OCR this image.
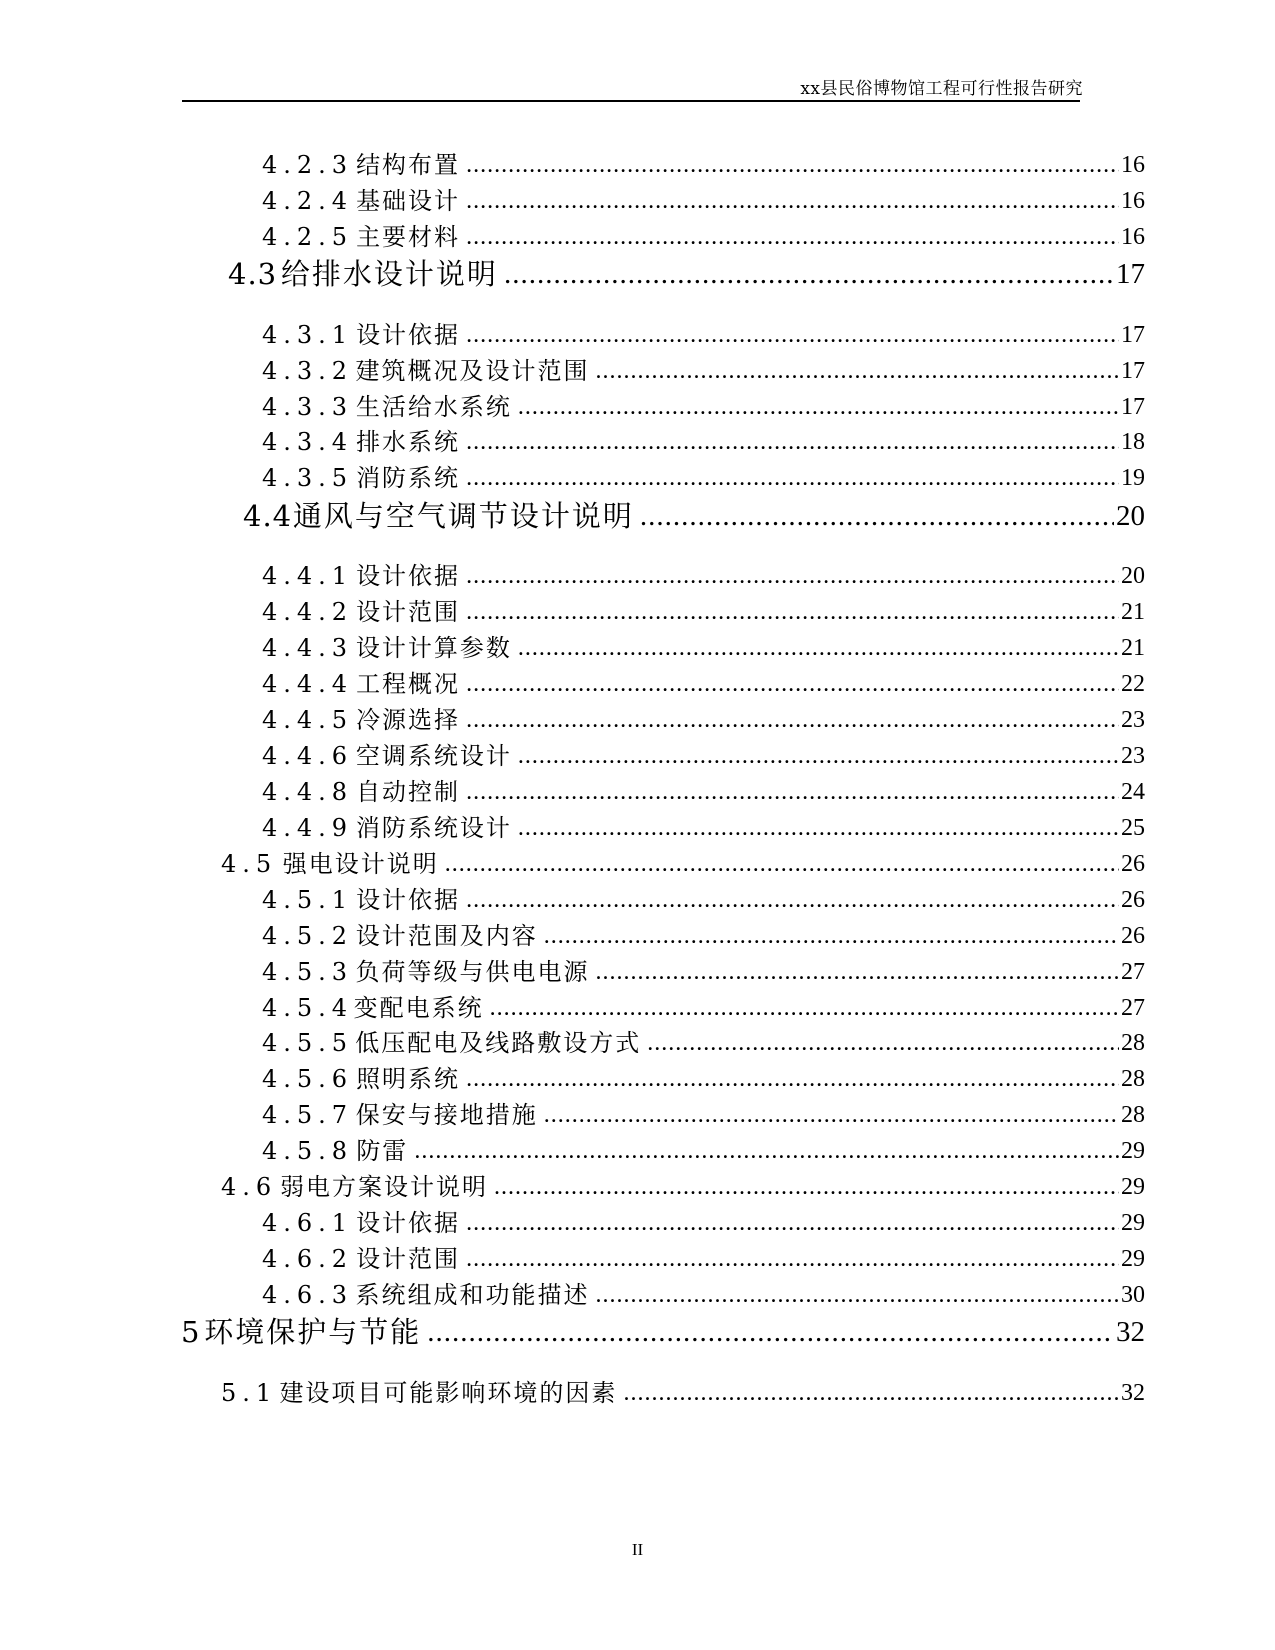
xx县民俗博物馆工程可行性报告研究
4.2.3 结构布置 .....	16
4.2.4 基础设计 .....	16
4.2.5 主要材料 .....	16
4.3 给排水设计说明 .....	17
4.3.1 设计依据 .....	17
4.3.2 建筑概况及设计范围 .....	17
4.3.3 生活给水系统 .....	17
4.3.4 排水系统 .....	18
4.3.5 消防系统 .....	19
4.4 通风与空气调节设计说明 .....	20
4.4.1 设计依据 .....	20
4.4.2 设计范围 .....	21
4.4.3 设计计算参数 .....	21
4.4.4 工程概况 .....	22
4.4.5 冷源选择 .....	23
4.4.6 空调系统设计 .....	23
4.4.8 自动控制 .....	24
4.4.9 消防系统设计 .....	25
4.5 强电设计说明 .....	26
4.5.1 设计依据 .....	26
4.5.2 设计范围及内容 .....	26
4.5.3 负荷等级与供电电源 .....	27
4.5.4 变配电系统 .....	27
4.5.5 低压配电及线路敷设方式 .....	28
4.5.6 照明系统 .....	28
4.5.7 保安与接地措施 .....	28
4.5.8 防雷 .....	29
4.6 弱电方案设计说明 .....	29
4.6.1 设计依据 .....	29
4.6.2 设计范围 .....	29
4.6.3 系统组成和功能描述 .....	30
5 环境保护与节能 .....	32
5.1 建设项目可能影响环境的因素 .....	32
II
